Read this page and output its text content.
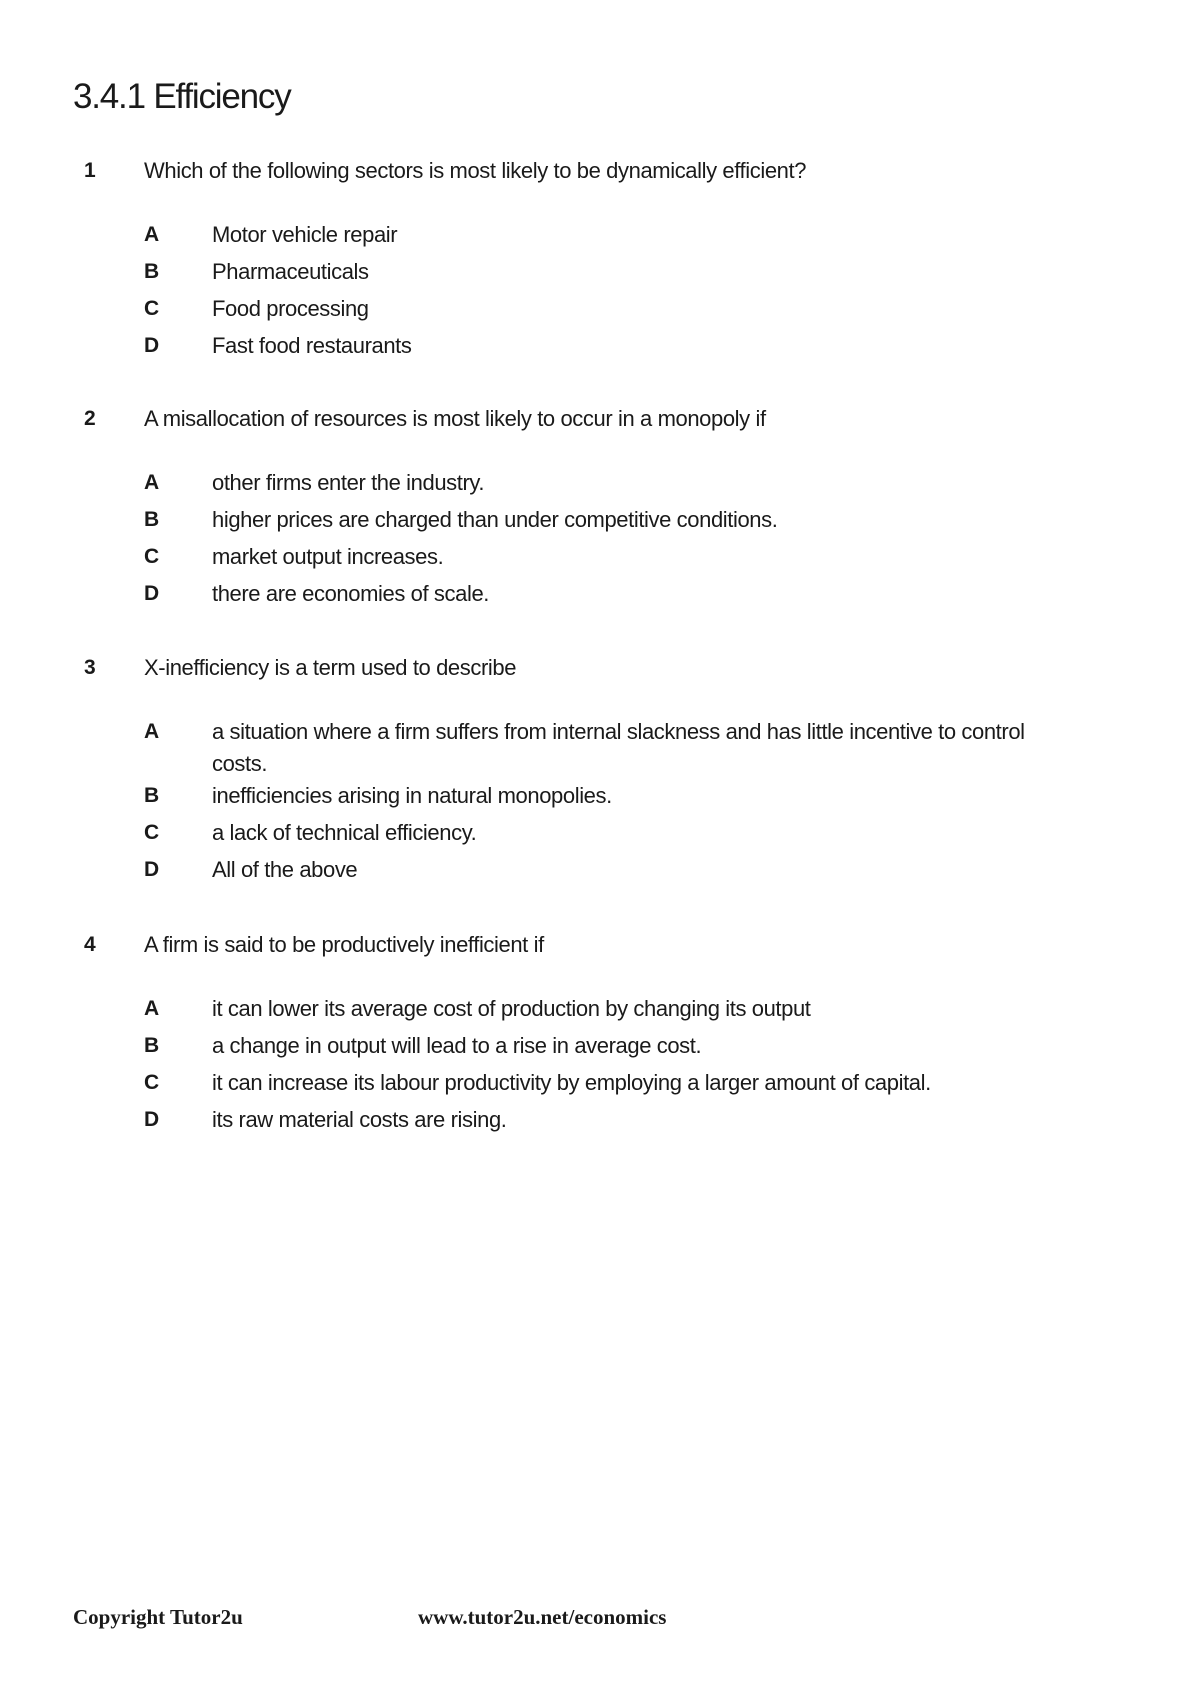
3.4.1 Efficiency
1 Which of the following sectors is most likely to be dynamically efficient?
A Motor vehicle repair
B Pharmaceuticals
C Food processing
D Fast food restaurants
2 A misallocation of resources is most likely to occur in a monopoly if
A other firms enter the industry.
B higher prices are charged than under competitive conditions.
C market output increases.
D there are economies of scale.
3 X-inefficiency is a term used to describe
A a situation where a firm suffers from internal slackness and has little incentive to control costs.
B inefficiencies arising in natural monopolies.
C a lack of technical efficiency.
D All of the above
4 A firm is said to be productively inefficient if
A it can lower its average cost of production by changing its output
B a change in output will lead to a rise in average cost.
C it can increase its labour productivity by employing a larger amount of capital.
D its raw material costs are rising.
Copyright Tutor2u	www.tutor2u.net/economics
